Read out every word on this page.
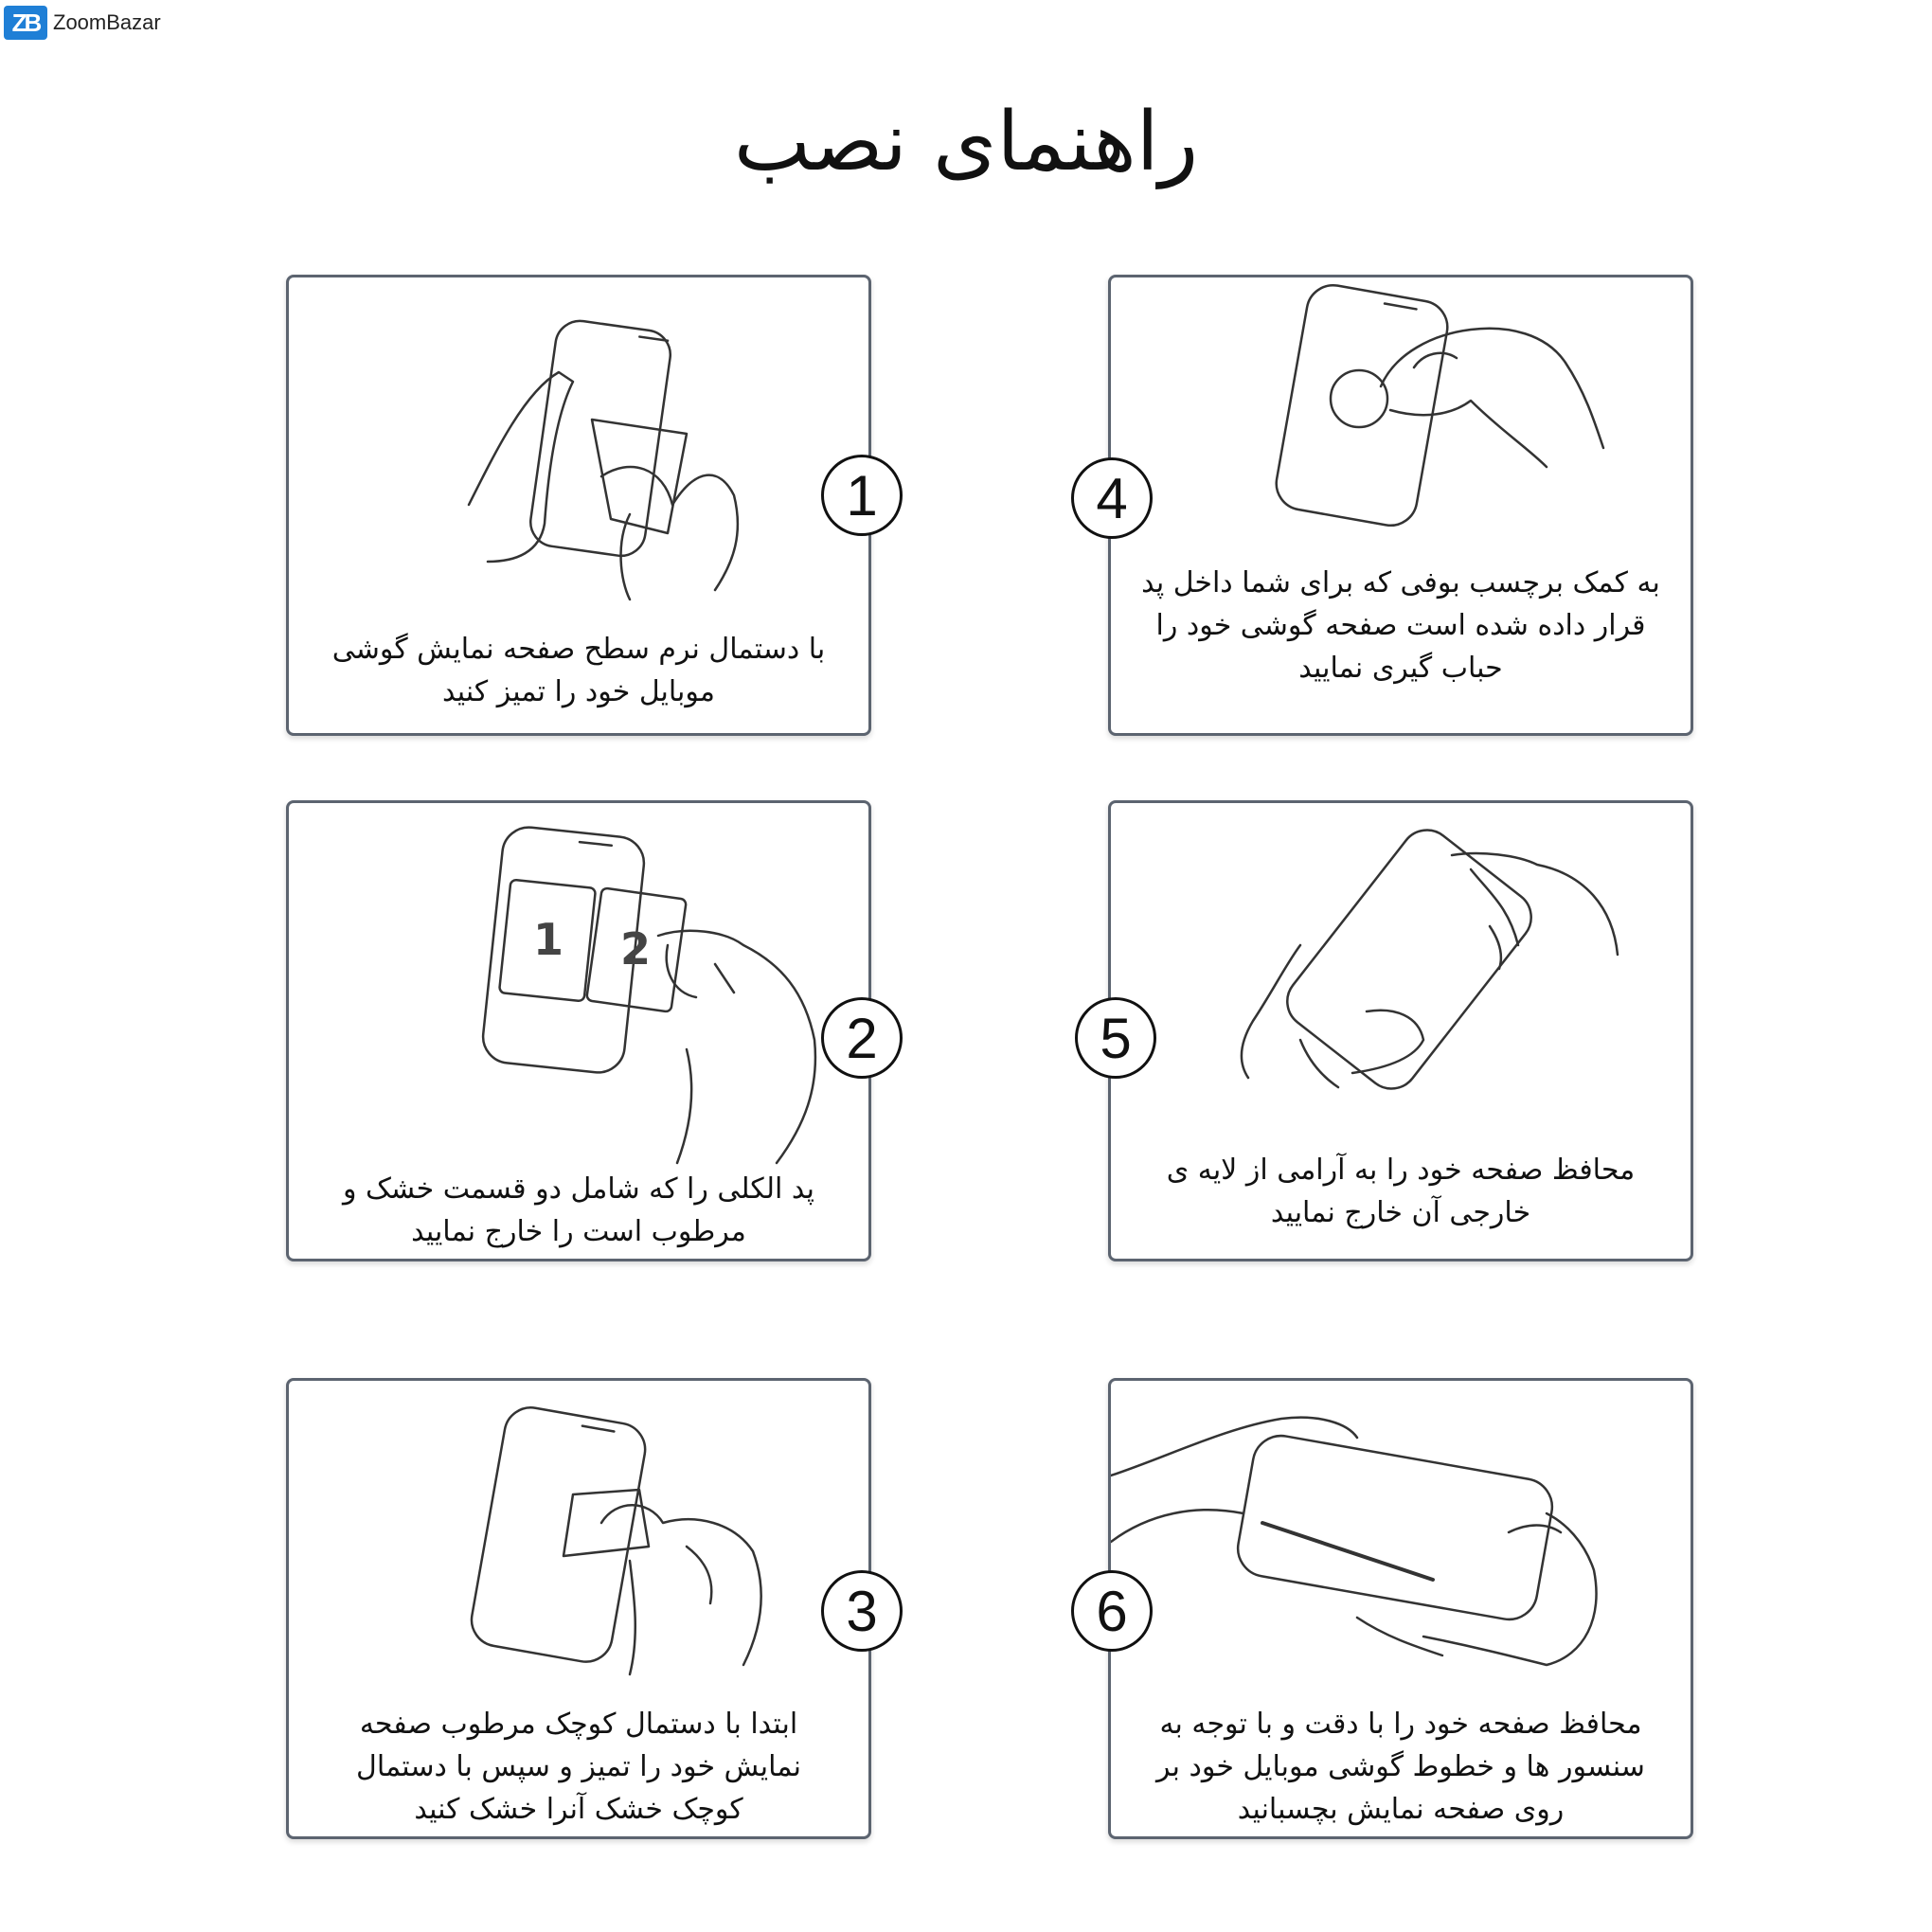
ZB ZoomBazar
راهنمای نصب
1
با دستمال نرم سطح صفحه نمایش گوشی موبایل خود را تمیز کنید
1 2
2
پد الکلی را که شامل دو قسمت خشک و مرطوب است را خارج نمایید
3
ابتدا با دستمال کوچک مرطوب صفحه نمایش خود را تمیز و سپس با دستمال کوچک خشک آنرا خشک کنید
4
به کمک برچسب بوفی که برای شما داخل پد قرار داده شده است صفحه گوشی خود را حباب گیری نمایید
5
محافظ صفحه خود را به آرامی از لایه ی خارجی آن خارج نمایید
6
محافظ صفحه خود را با دقت و با توجه به سنسور ها و خطوط گوشی موبایل خود بر روی صفحه نمایش بچسبانید
